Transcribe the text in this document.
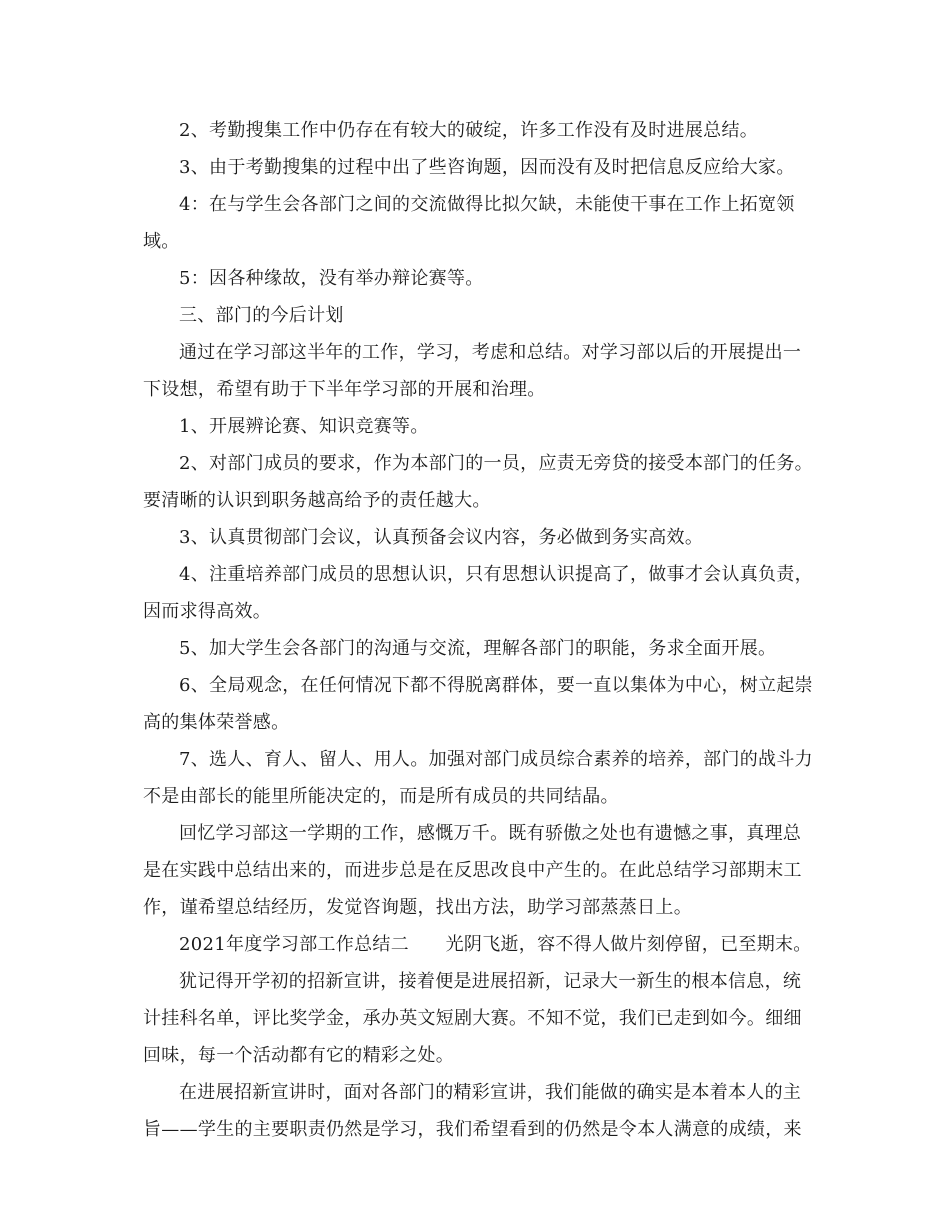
2、考勤搜集工作中仍存在有较大的破绽，许多工作没有及时进展总结。

3、由于考勤搜集的过程中出了些咨询题，因而没有及时把信息反应给大家。

4：在与学生会各部门之间的交流做得比拟欠缺，未能使干事在工作上拓宽领域。

5：因各种缘故，没有举办辩论赛等。

三、部门的今后计划

通过在学习部这半年的工作，学习，考虑和总结。对学习部以后的开展提出一下设想，希望有助于下半年学习部的开展和治理。

1、开展辨论赛、知识竞赛等。

2、对部门成员的要求，作为本部门的一员，应责无旁贷的接受本部门的任务。要清晰的认识到职务越高给予的责任越大。

3、认真贯彻部门会议，认真预备会议内容，务必做到务实高效。

4、注重培养部门成员的思想认识，只有思想认识提高了，做事才会认真负责，因而求得高效。

5、加大学生会各部门的沟通与交流，理解各部门的职能，务求全面开展。

6、全局观念，在任何情况下都不得脱离群体，要一直以集体为中心，树立起崇高的集体荣誉感。

7、选人、育人、留人、用人。加强对部门成员综合素养的培养，部门的战斗力不是由部长的能里所能决定的，而是所有成员的共同结晶。

回忆学习部这一学期的工作，感慨万千。既有骄傲之处也有遗憾之事，真理总是在实践中总结出来的，而进步总是在反思改良中产生的。在此总结学习部期末工作，谨希望总结经历，发觉咨询题，找出方法，助学习部蒸蒸日上。

2021年度学习部工作总结二　　光阴飞逝，容不得人做片刻停留，已至期末。

犹记得开学初的招新宣讲，接着便是进展招新，记录大一新生的根本信息，统计挂科名单，评比奖学金，承办英文短剧大赛。不知不觉，我们已走到如今。细细回味，每一个活动都有它的精彩之处。

在进展招新宣讲时，面对各部门的精彩宣讲，我们能做的确实是本着本人的主旨——学生的主要职责仍然是学习，我们希望看到的仍然是令本人满意的成绩，来
